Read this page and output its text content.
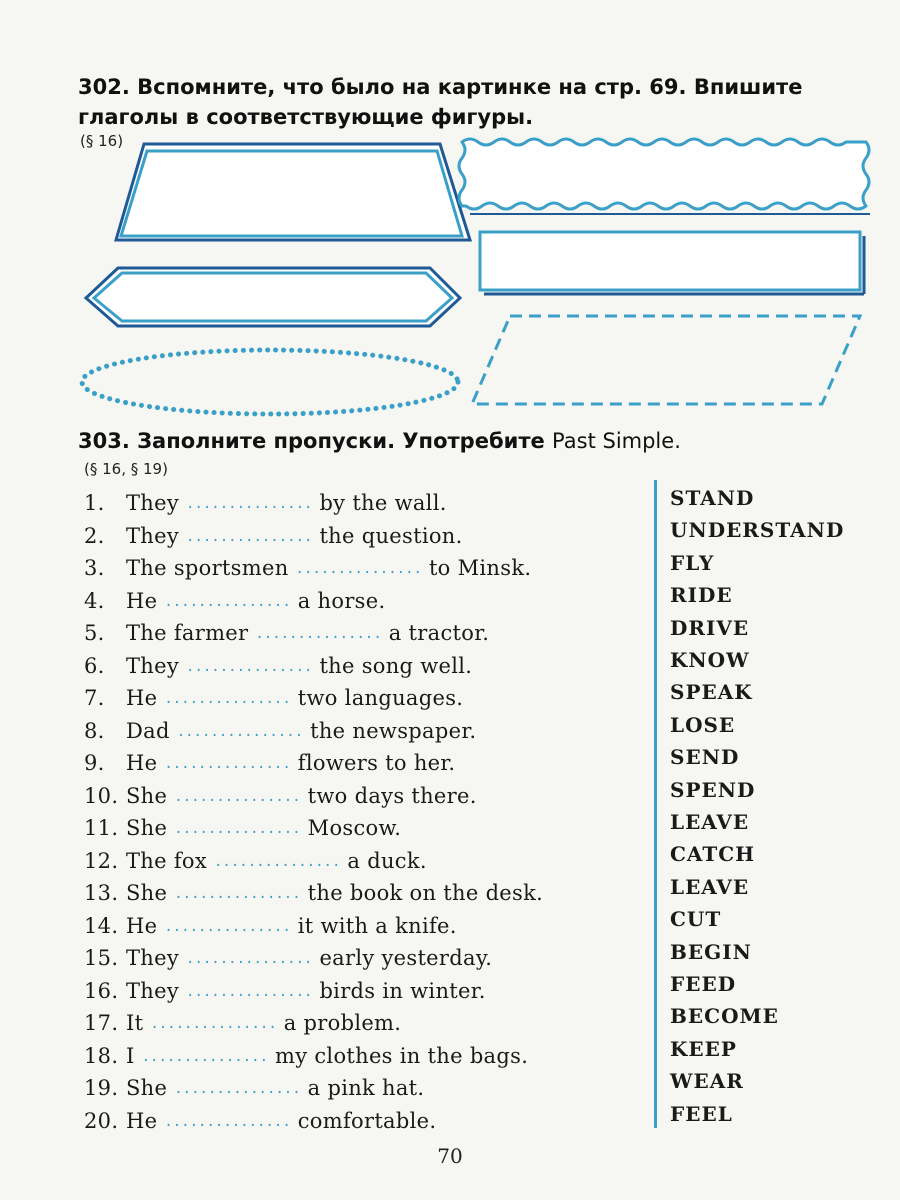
302. Вспомните, что было на картинке на стр. 69. Впишите
глаголы в соответствующие фигуры.
(§ 16)
303. Заполните пропуски. Употребите Past Simple.
(§ 16, § 19)
1. They ............... by the wall.
2. They ............... the question.
3. The sportsmen ............... to Minsk.
4. He ............... a horse.
5. The farmer ............... a tractor.
6. They ............... the song well.
7. He ............... two languages.
8. Dad ............... the newspaper.
9. He ............... flowers to her.
10. She ............... two days there.
11. She ............... Moscow.
12. The fox ............... a duck.
13. She ............... the book on the desk.
14. He ............... it with a knife.
15. They ............... early yesterday.
16. They ............... birds in winter.
17. It ............... a problem.
18. I ............... my clothes in the bags.
19. She ............... a pink hat.
20. He ............... comfortable.
STAND
UNDERSTAND
FLY
RIDE
DRIVE
KNOW
SPEAK
LOSE
SEND
SPEND
LEAVE
CATCH
LEAVE
CUT
BEGIN
FEED
BECOME
KEEP
WEAR
FEEL
70
